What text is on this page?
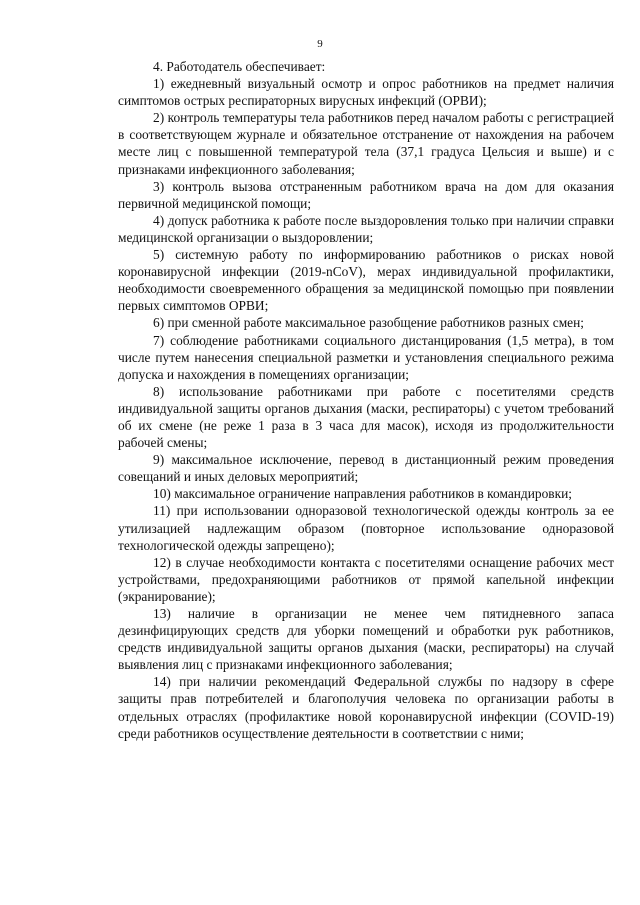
9

4. Работодатель обеспечивает:

1) ежедневный визуальный осмотр и опрос работников на предмет наличия симптомов острых респираторных вирусных инфекций (ОРВИ);

2) контроль температуры тела работников перед началом работы с регистрацией в соответствующем журнале и обязательное отстранение от нахождения на рабочем месте лиц с повышенной температурой тела (37,1 градуса Цельсия и выше) и с признаками инфекционного заболевания;

3) контроль вызова отстраненным работником врача на дом для оказания первичной медицинской помощи;

4) допуск работника к работе после выздоровления только при наличии справки медицинской организации о выздоровлении;

5) системную работу по информированию работников о рисках новой коронавирусной инфекции (2019-nCoV), мерах индивидуальной профилактики, необходимости своевременного обращения за медицинской помощью при появлении первых симптомов ОРВИ;

6) при сменной работе максимальное разобщение работников разных смен;

7) соблюдение работниками социального дистанцирования (1,5 метра), в том числе путем нанесения специальной разметки и установления специального режима допуска и нахождения в помещениях организации;

8) использование работниками при работе с посетителями средств индивидуальной защиты органов дыхания (маски, респираторы) с учетом требований об их смене (не реже 1 раза в 3 часа для масок), исходя из продолжительности рабочей смены;

9) максимальное исключение, перевод в дистанционный режим проведения совещаний и иных деловых мероприятий;

10) максимальное ограничение направления работников в командировки;

11) при использовании одноразовой технологической одежды контроль за ее утилизацией надлежащим образом (повторное использование одноразовой технологической одежды запрещено);

12) в случае необходимости контакта с посетителями оснащение рабочих мест устройствами, предохраняющими работников от прямой капельной инфекции (экранирование);

13) наличие в организации не менее чем пятидневного запаса дезинфицирующих средств для уборки помещений и обработки рук работников, средств индивидуальной защиты органов дыхания (маски, респираторы) на случай выявления лиц с признаками инфекционного заболевания;

14) при наличии рекомендаций Федеральной службы по надзору в сфере защиты прав потребителей и благополучия человека по организации работы в отдельных отраслях (профилактике новой коронавирусной инфекции (COVID-19) среди работников осуществление деятельности в соответствии с ними;
